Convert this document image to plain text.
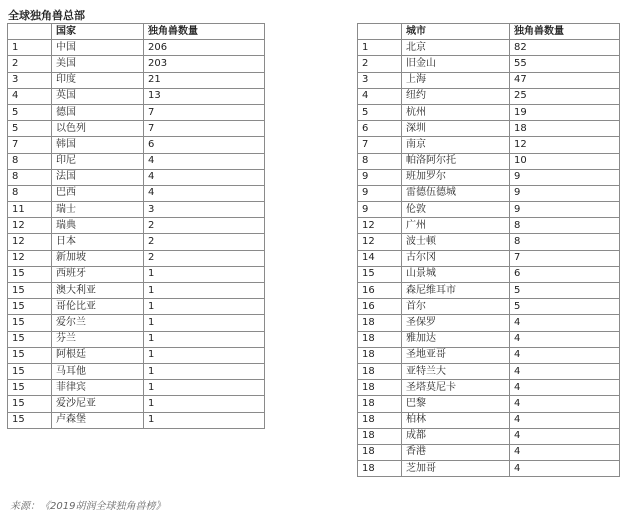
全球独角兽总部
	国家	独角兽数量
1	中国	206
2	美国	203
3	印度	21
4	英国	13
5	德国	7
5	以色列	7
7	韩国	6
8	印尼	4
8	法国	4
8	巴西	4
11	瑞士	3
12	瑞典	2
12	日本	2
12	新加坡	2
15	西班牙	1
15	澳大利亚	1
15	哥伦比亚	1
15	爱尔兰	1
15	芬兰	1
15	阿根廷	1
15	马耳他	1
15	菲律宾	1
15	爱沙尼亚	1
15	卢森堡	1
	城市	独角兽数量
1	北京	82
2	旧金山	55
3	上海	47
4	纽约	25
5	杭州	19
6	深圳	18
7	南京	12
8	帕洛阿尔托	10
9	班加罗尔	9
9	雷德伍德城	9
9	伦敦	9
12	广州	8
12	波士顿	8
14	古尔冈	7
15	山景城	6
16	森尼维耳市	5
16	首尔	5
18	圣保罗	4
18	雅加达	4
18	圣地亚哥	4
18	亚特兰大	4
18	圣塔莫尼卡	4
18	巴黎	4
18	柏林	4
18	成都	4
18	香港	4
18	芝加哥	4
来源：《2019胡润全球独角兽榜》
